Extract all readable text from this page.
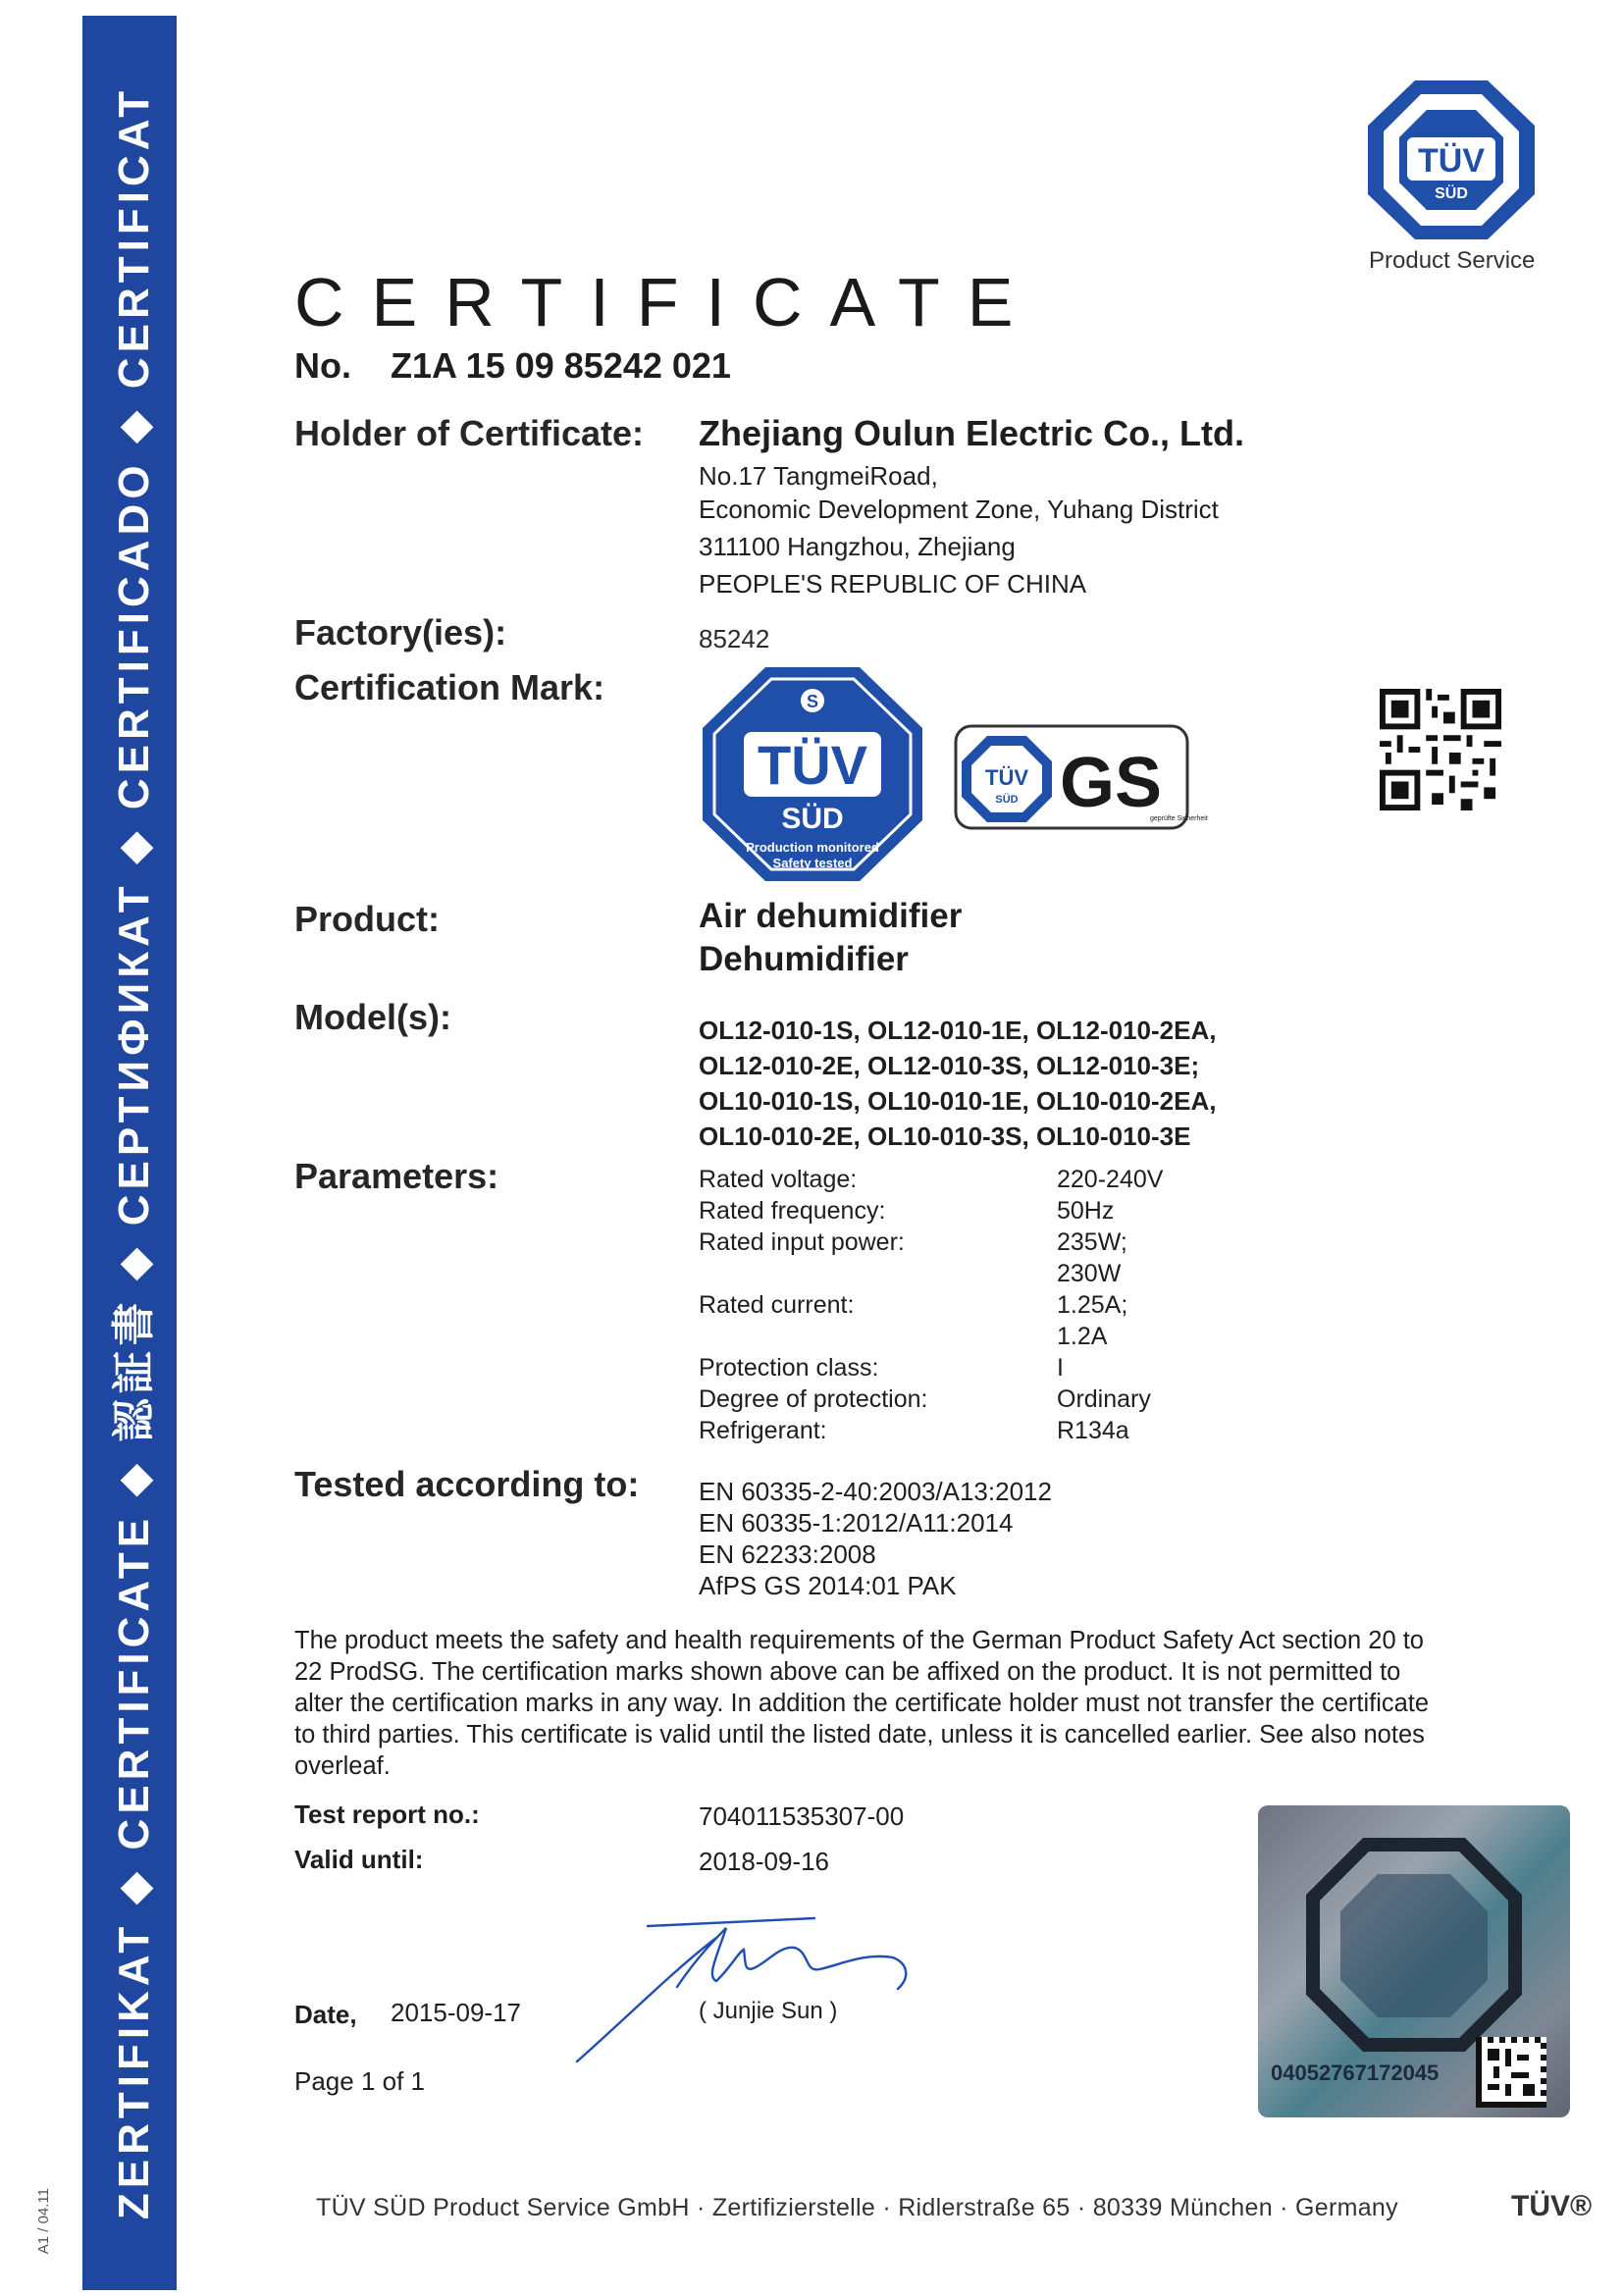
ZERTIFIKAT ◆ CERTIFICATE ◆ 認証書 ◆ СЕРТИФИКАТ ◆ CERTIFICADO ◆ CERTIFICAT
A1 / 04.11
TÜV
SÜD
Product Service
CERTIFICATE
No. Z1A 15 09 85242 021
Holder of Certificate: Zhejiang Oulun Electric Co., Ltd.
No.17 TangmeiRoad,
Economic Development Zone, Yuhang District
311100 Hangzhou, Zhejiang
PEOPLE'S REPUBLIC OF CHINA
Factory(ies):	85242
Certification Mark:	S
TÜV
SÜD
Production monitored
Safety tested
TÜV
SÜD GS
geprüfte Sicherheit
Product:	Air dehumidifier
Dehumidifier
Model(s):	OL12-010-1S, OL12-010-1E, OL12-010-2EA,
OL12-010-2E, OL12-010-3S, OL12-010-3E;
OL10-010-1S, OL10-010-1E, OL10-010-2EA,
OL10-010-2E, OL10-010-3S, OL10-010-3E
Parameters:	Rated voltage:	220-240V
Rated frequency:	50Hz
Rated input power:	235W;
230W
Rated current:	1.25A;
1.2A
Protection class:	I
Degree of protection:	Ordinary
Refrigerant:	R134a
Tested according to: EN 60335-2-40:2003/A13:2012
EN 60335-1:2012/A11:2014
EN 62233:2008
AfPS GS 2014:01 PAK
The product meets the safety and health requirements of the German Product Safety Act section 20 to 22 ProdSG. The certification marks shown above can be affixed on the product. It is not permitted to alter the certification marks in any way. In addition the certificate holder must not transfer the certificate to third parties. This certificate is valid until the listed date, unless it is cancelled earlier. See also notes overleaf.
Test report no.:	704011535307-00
Valid until:	2018-09-16
( Junjie Sun )
Date, 2015-09-17
Page 1 of 1	04052767172045
TÜV SÜD Product Service GmbH · Zertifizierstelle · Ridlerstraße 65 · 80339 München · Germany	TÜV®
